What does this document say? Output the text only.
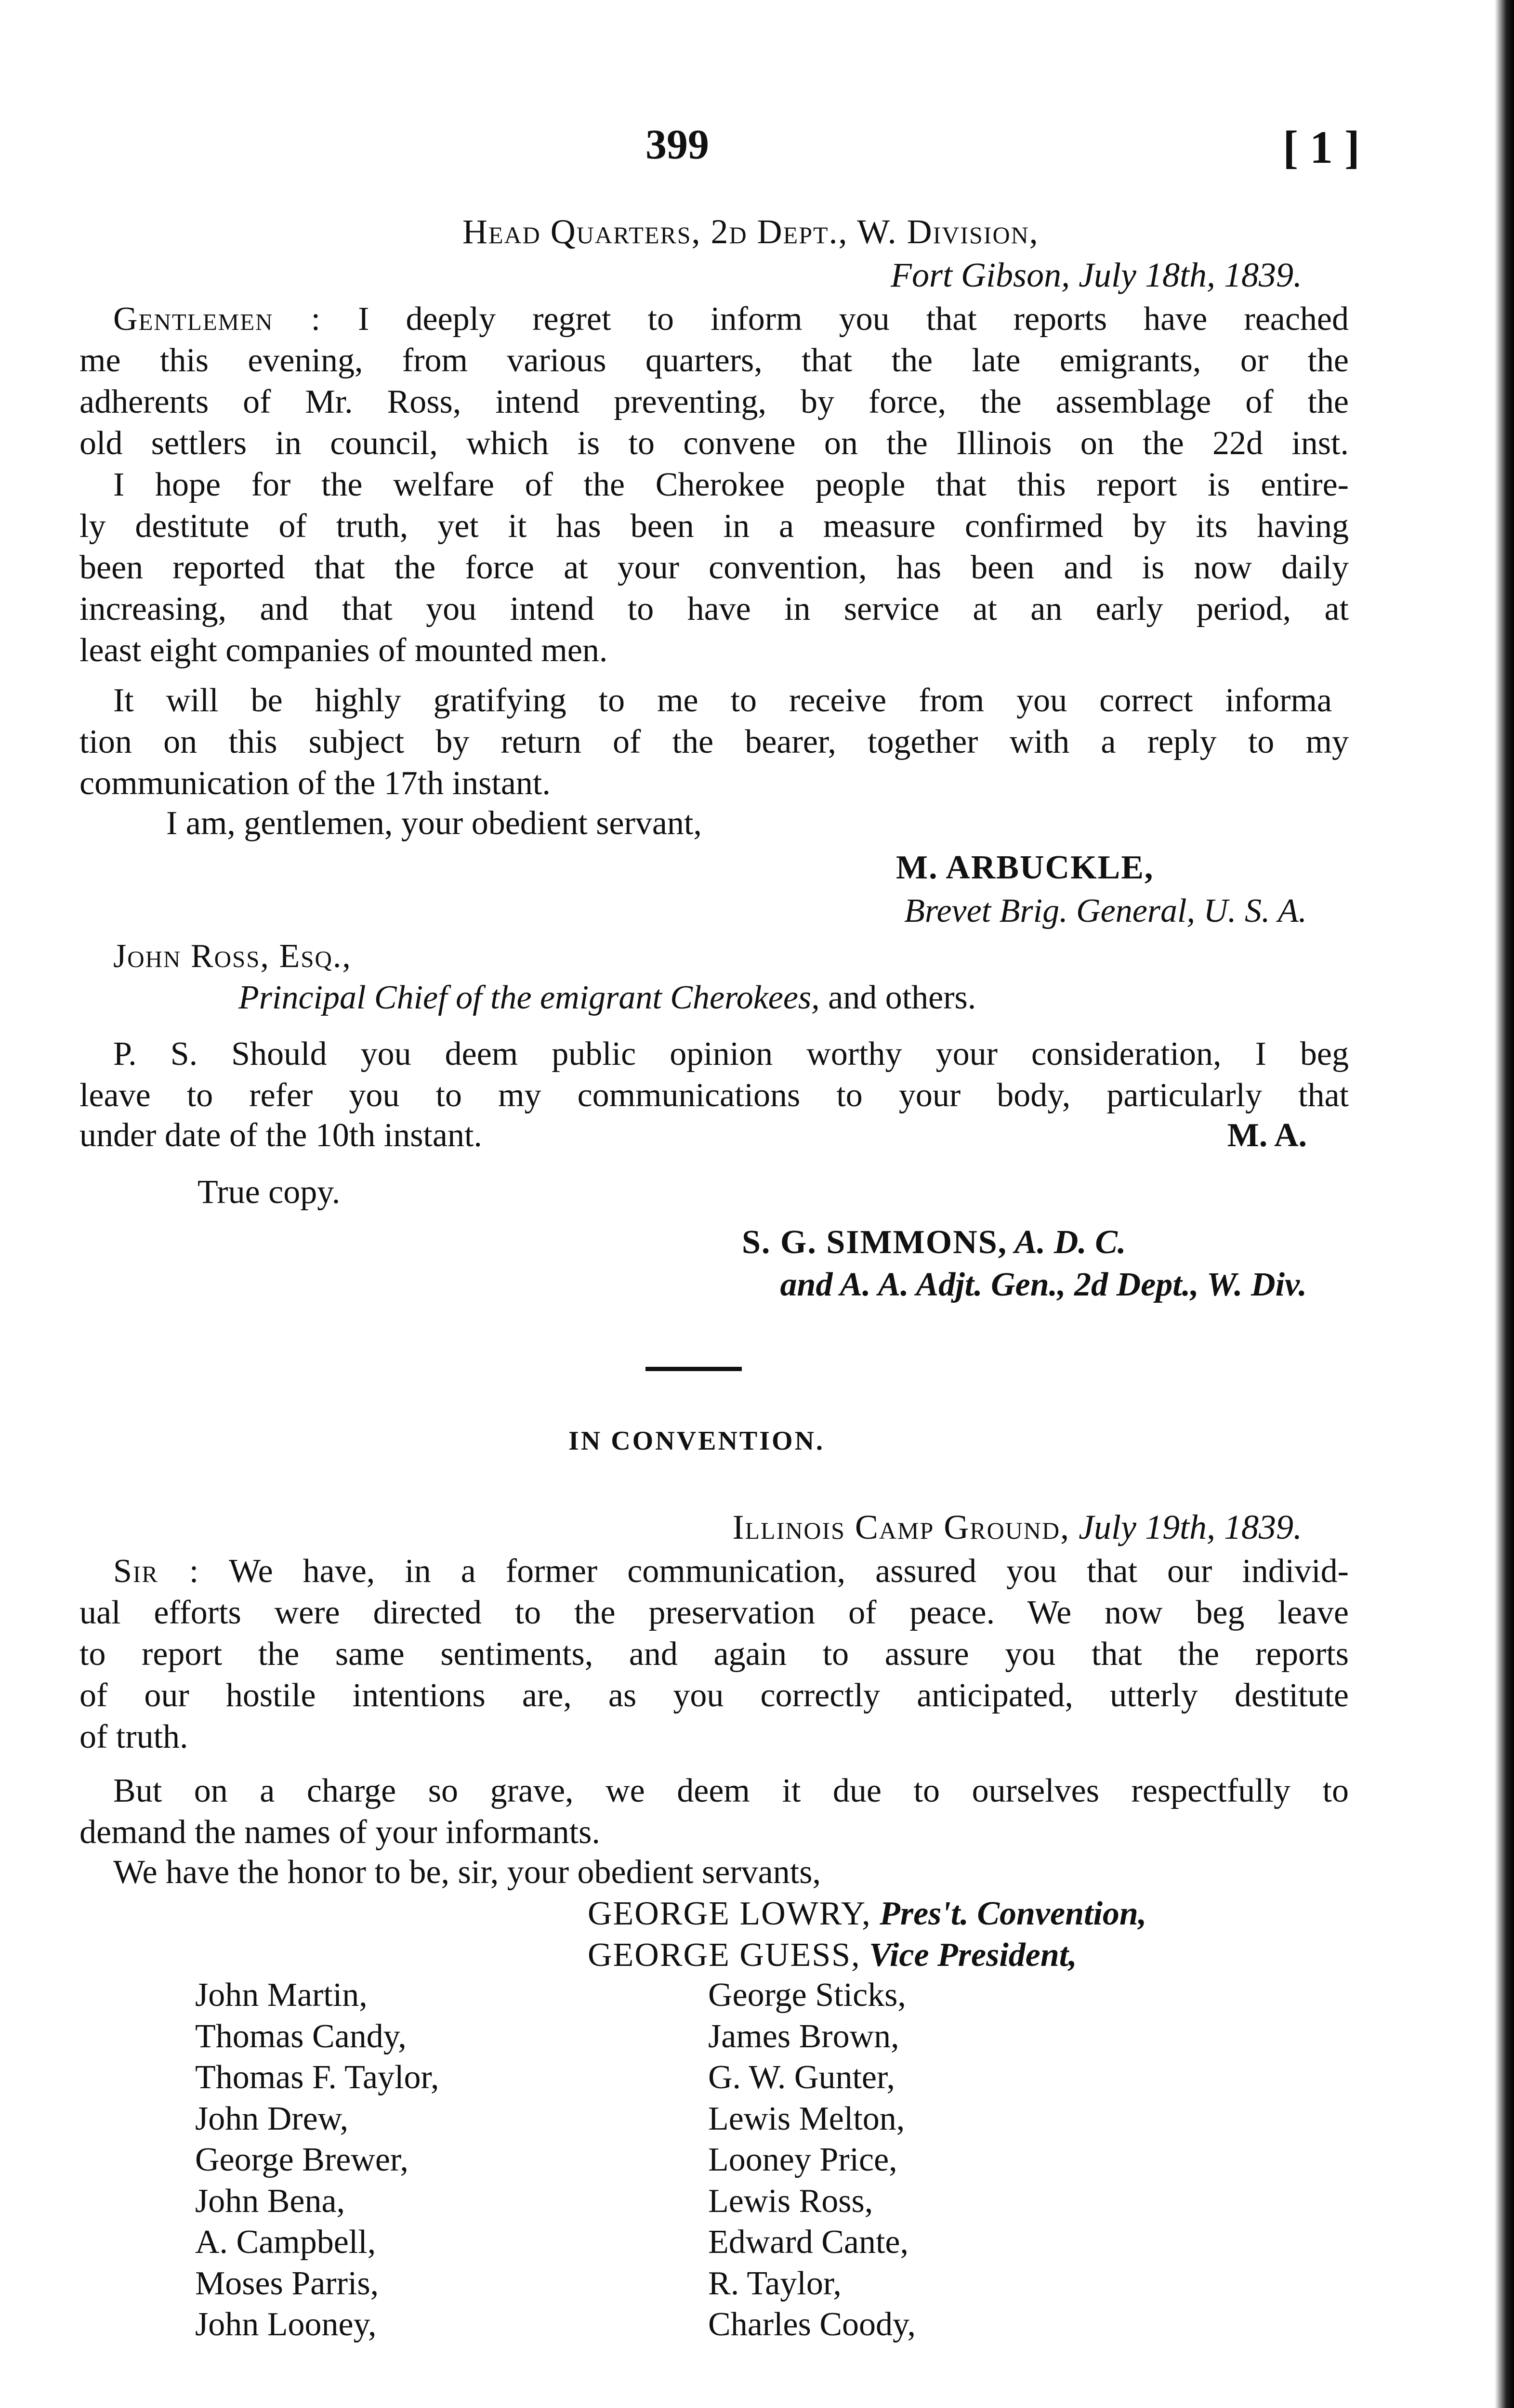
399	[ 1 ]
Head Quarters, 2d Dept., W. Division,
Fort Gibson, July 18th, 1839.
Gentlemen : I deeply regret to inform you that reports have reached
me this evening, from various quarters, that the late emigrants, or the
adherents of Mr. Ross, intend preventing, by force, the assemblage of the
old settlers in council, which is to convene on the Illinois on the 22d inst.
I hope for the welfare of the Cherokee people that this report is entire-
ly destitute of truth, yet it has been in a measure confirmed by its having
been reported that the force at your convention, has been and is now daily
increasing, and that you intend to have in service at an early period, at
least eight companies of mounted men.
It will be highly gratifying to me to receive from you correct informa
tion on this subject by return of the bearer, together with a reply to my
communication of the 17th instant.
I am, gentlemen, your obedient servant,
M. ARBUCKLE,
Brevet Brig. General, U. S. A.
John Ross, Esq.,
Principal Chief of the emigrant Cherokees, and others.
P. S. Should you deem public opinion worthy your consideration, I beg
leave to refer you to my communications to your body, particularly that
under date of the 10th instant.	M. A.
True copy.
S. G. SIMMONS, A. D. C.
and A. A. Adjt. Gen., 2d Dept., W. Div.
IN CONVENTION.
Illinois Camp Ground, July 19th, 1839.
Sir : We have, in a former communication, assured you that our individ-
ual efforts were directed to the preservation of peace. We now beg leave
to report the same sentiments, and again to assure you that the reports
of our hostile intentions are, as you correctly anticipated, utterly destitute
of truth.
But on a charge so grave, we deem it due to ourselves respectfully to
demand the names of your informants.
We have the honor to be, sir, your obedient servants,
GEORGE LOWRY, Pres't. Convention,
GEORGE GUESS, Vice President,
John Martin,
Thomas Candy,
Thomas F. Taylor,
John Drew,
George Brewer,
John Bena,
A. Campbell,
Moses Parris,
John Looney,
George Sticks,
James Brown,
G. W. Gunter,
Lewis Melton,
Looney Price,
Lewis Ross,
Edward Cante,
R. Taylor,
Charles Coody,
